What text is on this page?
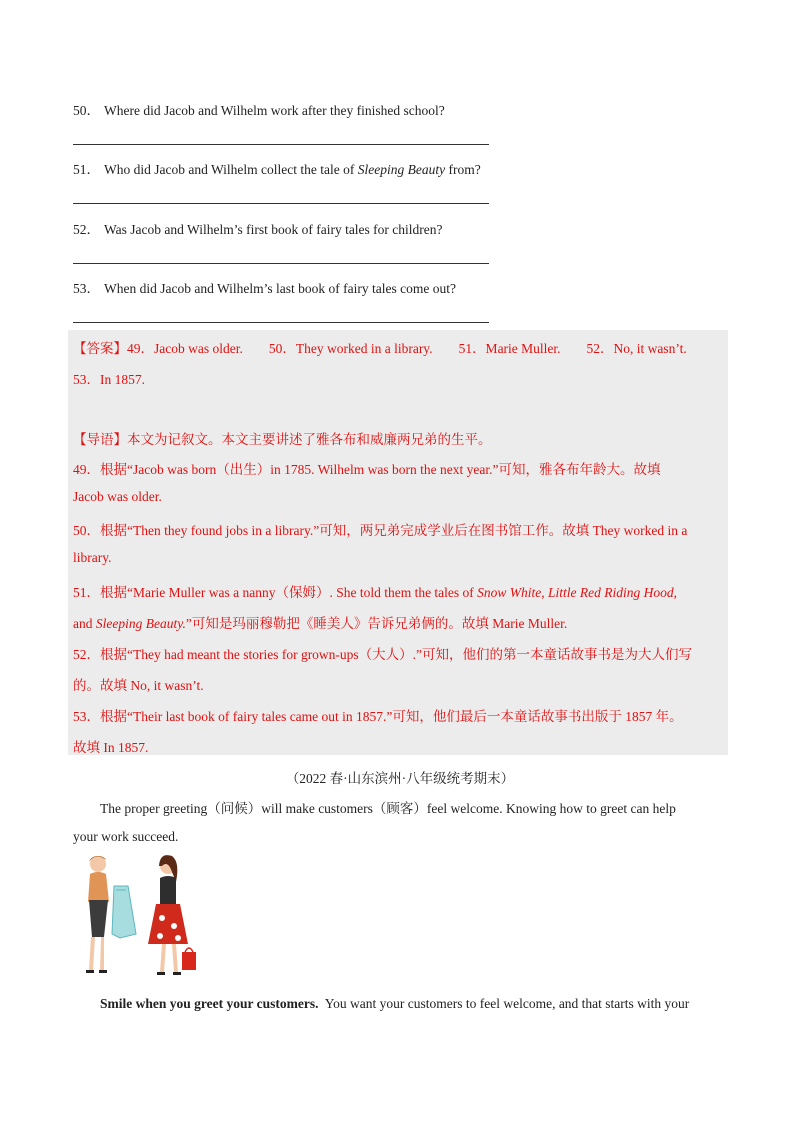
50． Where did Jacob and Wilhelm work after they finished school?
51． Who did Jacob and Wilhelm collect the tale of Sleeping Beauty from?
52． Was Jacob and Wilhelm’s first book of fairy tales for children?
53． When did Jacob and Wilhelm’s last book of fairy tales come out?
【答案】49．Jacob was older. 50．They worked in a library. 51．Marie Muller. 52．No, it wasn’t.
53．In 1857.
【导语】本文为记叙文。本文主要讲述了雅各布和威廉两兄弟的生平。
49．根据“Jacob was born（出生）in 1785. Wilhelm was born the next year.”可知，雅各布年龄大。故填
Jacob was older.
50．根据“Then they found jobs in a library.”可知，两兄弟完成学业后在图书馆工作。故填 They worked in a
library.
51．根据“Marie Muller was a nanny（保姆）. She told them the tales of Snow White, Little Red Riding Hood,
and Sleeping Beauty.”可知是玛丽穆勒把《睡美人》告诉兄弟俩的。故填 Marie Muller.
52．根据“They had meant the stories for grown-ups（大人）.”可知，他们的第一本童话故事书是为大人们写
的。故填 No, it wasn’t.
53．根据“Their last book of fairy tales came out in 1857.”可知，他们最后一本童话故事书出版于 1857 年。
故填 In 1857.
（2022 春·山东滨州·八年级统考期末）
The proper greeting（问候）will make customers（顾客）feel welcome. Knowing how to greet can help
your work succeed.
Smile when you greet your customers. You want your customers to feel welcome, and that starts with your
